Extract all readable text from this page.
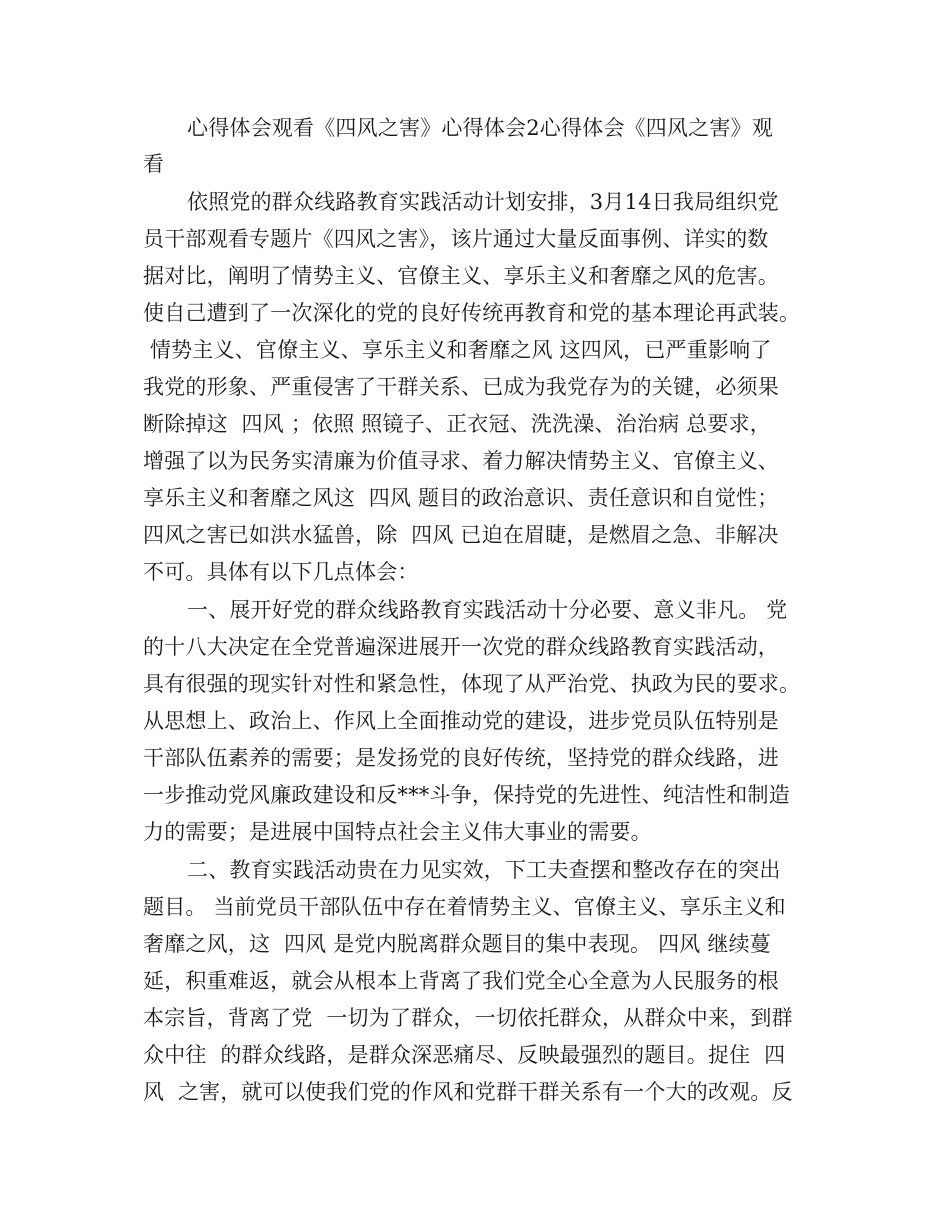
心得体会观看《四风之害》心得体会2心得体会《四风之害》观

看

依照党的群众线路教育实践活动计划安排，3月14日我局组织党

员干部观看专题片《四风之害》，该片通过大量反面事例、详实的数

据对比，阐明了情势主义、官僚主义、享乐主义和奢靡之风的危害。

使自己遭到了一次深化的党的良好传统再教育和党的基本理论再武装。

情势主义、官僚主义、享乐主义和奢靡之风 这四风，已严重影响了

我党的形象、严重侵害了干群关系、已成为我党存为的关键，必须果

断除掉这  四风 ；依照 照镜子、正衣冠、洗洗澡、治治病 总要求，

增强了以为民务实清廉为价值寻求、着力解决情势主义、官僚主义、

享乐主义和奢靡之风这  四风 题目的政治意识、责任意识和自觉性；

四风之害已如洪水猛兽，除  四风 已迫在眉睫，是燃眉之急、非解决

不可。具体有以下几点体会：

一、展开好党的群众线路教育实践活动十分必要、意义非凡。 党

的十八大决定在全党普遍深进展开一次党的群众线路教育实践活动，

具有很强的现实针对性和紧急性，体现了从严治党、执政为民的要求。

从思想上、政治上、作风上全面推动党的建设，进步党员队伍特别是

干部队伍素养的需要；是发扬党的良好传统，坚持党的群众线路，进

一步推动党风廉政建设和反***斗争，保持党的先进性、纯洁性和制造

力的需要；是进展中国特点社会主义伟大事业的需要。

二、教育实践活动贵在力见实效，下工夫查摆和整改存在的突出

题目。 当前党员干部队伍中存在着情势主义、官僚主义、享乐主义和

奢靡之风，这  四风 是党内脱离群众题目的集中表现。 四风 继续蔓

延，积重难返，就会从根本上背离了我们党全心全意为人民服务的根

本宗旨，背离了党  一切为了群众，一切依托群众，从群众中来，到群

众中往  的群众线路，是群众深恶痛尽、反映最强烈的题目。捉住  四

风  之害，就可以使我们党的作风和党群干群关系有一个大的改观。反
